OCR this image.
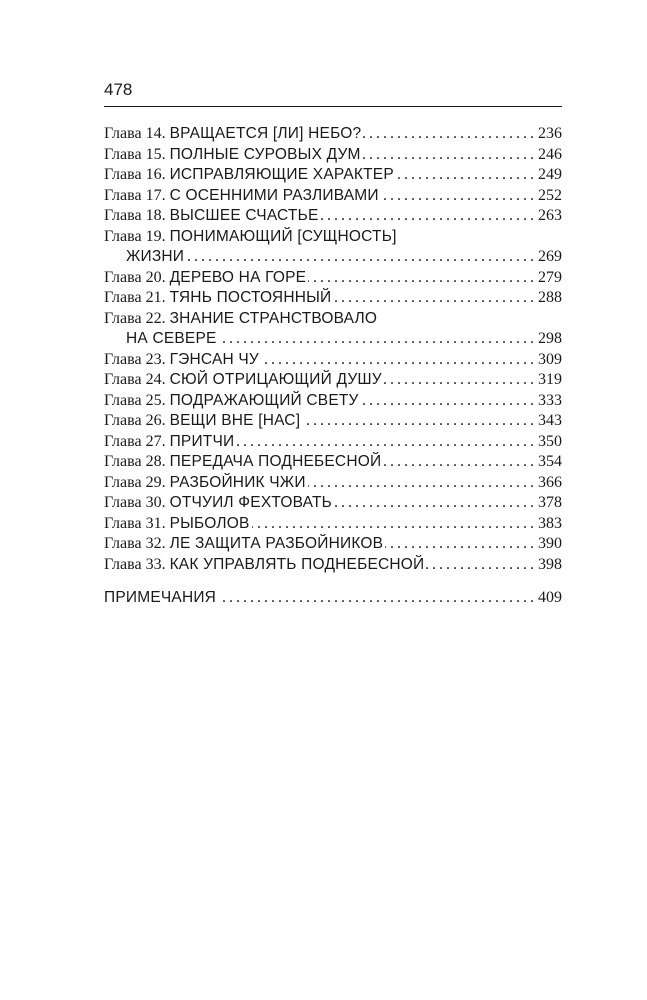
478
Глава 14. ВРАЩАЕТСЯ [ЛИ] НЕБО? .....	236
Глава 15. ПОЛНЫЕ СУРОВЫХ ДУМ .....	246
Глава 16. ИСПРАВЛЯЮЩИЕ ХАРАКТЕР .....	249
Глава 17. С ОСЕННИМИ РАЗЛИВАМИ .....	252
Глава 18. ВЫСШЕЕ СЧАСТЬЕ .....	263
Глава 19. ПОНИМАЮЩИЙ [СУЩНОСТЬ]
ЖИЗНИ .....	269
Глава 20. ДЕРЕВО НА ГОРЕ .....	279
Глава 21. ТЯНЬ ПОСТОЯННЫЙ .....	288
Глава 22. ЗНАНИЕ СТРАНСТВОВАЛО
НА СЕВЕРЕ .....	298
Глава 23. ГЭНСАН ЧУ .....	309
Глава 24. СЮЙ ОТРИЦАЮЩИЙ ДУШУ .....	319
Глава 25. ПОДРАЖАЮЩИЙ СВЕТУ .....	333
Глава 26. ВЕЩИ ВНЕ [НАС] .....	343
Глава 27. ПРИТЧИ .....	350
Глава 28. ПЕРЕДАЧА ПОДНЕБЕСНОЙ .....	354
Глава 29. РАЗБОЙНИК ЧЖИ .....	366
Глава 30. ОТЧУИЛ ФЕХТОВАТЬ .....	378
Глава 31. РЫБОЛОВ .....	383
Глава 32. ЛЕ ЗАЩИТА РАЗБОЙНИКОВ .....	390
Глава 33. КАК УПРАВЛЯТЬ ПОДНЕБЕСНОЙ .....	398
ПРИМЕЧАНИЯ .....	409
